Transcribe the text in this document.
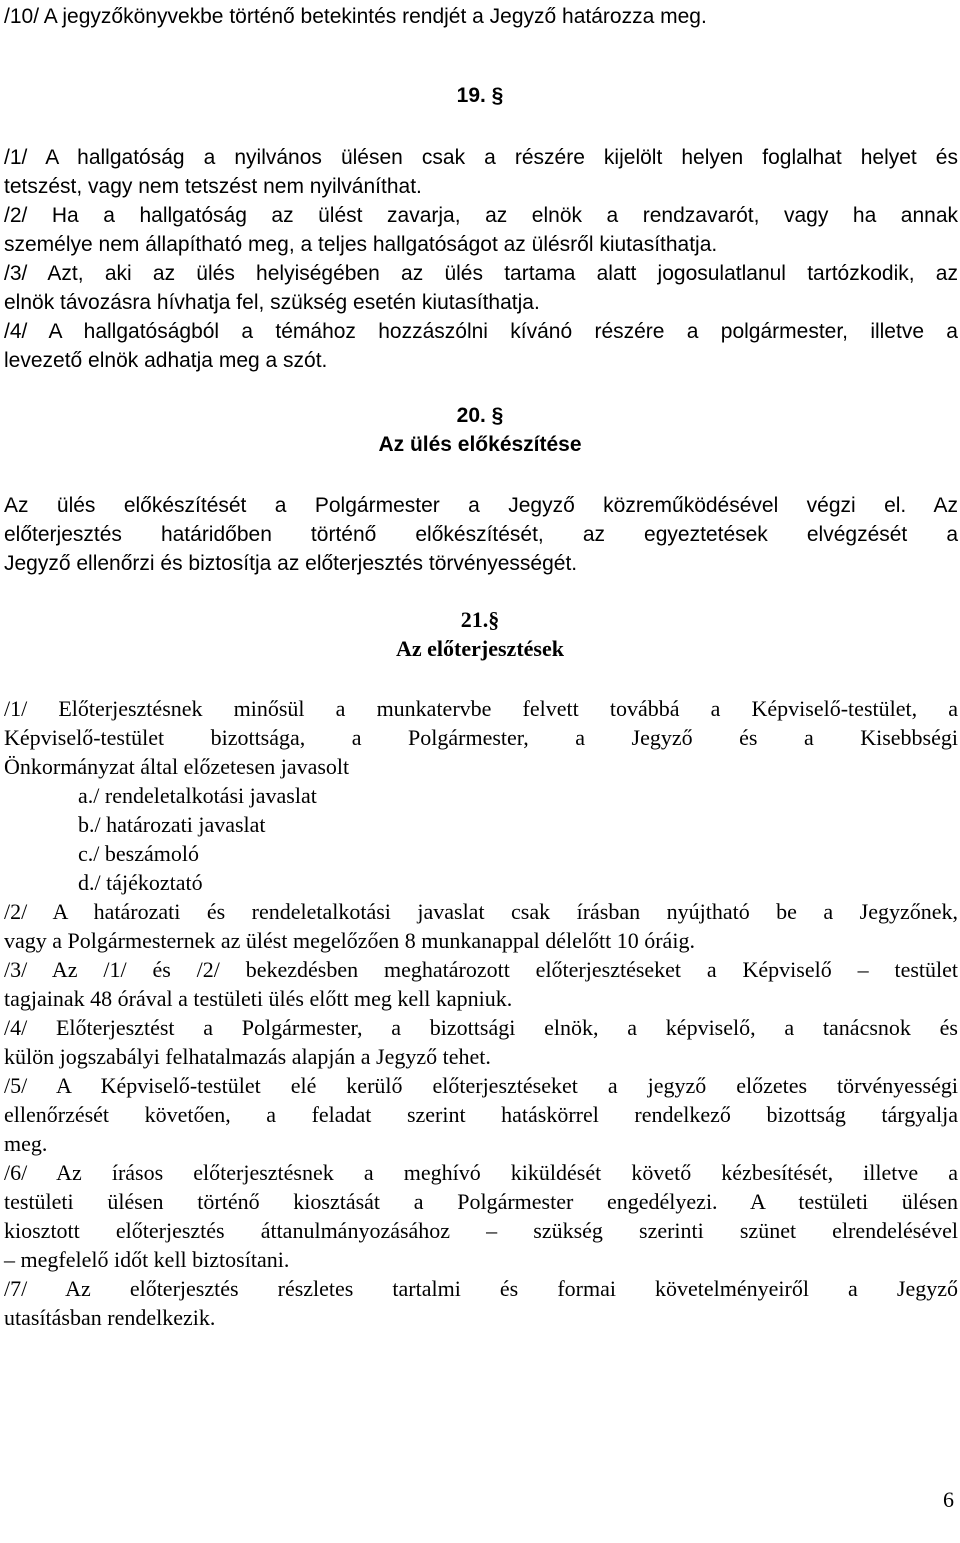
/10/ A jegyzőkönyvekbe történő betekintés rendjét a Jegyző határozza meg.

19. §

/1/ A hallgatóság a nyilvános ülésen csak a részére kijelölt helyen foglalhat helyet és

tetszést, vagy nem tetszést nem nyilváníthat.

/2/ Ha a hallgatóság az ülést zavarja, az elnök a rendzavarót, vagy ha annak

személye nem állapítható meg, a teljes hallgatóságot az ülésről kiutasíthatja.

/3/ Azt, aki az ülés helyiségében az ülés tartama alatt jogosulatlanul tartózkodik, az

elnök távozásra hívhatja fel, szükség esetén kiutasíthatja.

/4/ A hallgatóságból a témához hozzászólni kívánó részére a polgármester, illetve a

levezető elnök adhatja meg a szót.

20. §

Az ülés előkészítése

Az ülés előkészítését a Polgármester a Jegyző közreműködésével végzi el. Az

előterjesztés határidőben történő előkészítését, az egyeztetések elvégzését a

Jegyző ellenőrzi és biztosítja az előterjesztés törvényességét.

21.§

Az előterjesztések

/1/ Előterjesztésnek minősül a munkatervbe felvett továbbá a Képviselő-testület, a

Képviselő-testület bizottsága, a Polgármester, a Jegyző és a Kisebbségi

Önkormányzat által előzetesen javasolt

a./ rendeletalkotási javaslat

b./ határozati javaslat

c./ beszámoló

d./ tájékoztató

/2/ A határozati és rendeletalkotási javaslat csak írásban nyújtható be a Jegyzőnek,

vagy a Polgármesternek az ülést megelőzően 8 munkanappal délelőtt 10 óráig.

/3/ Az /1/ és /2/ bekezdésben meghatározott előterjesztéseket a Képviselő – testület

tagjainak 48 órával a testületi ülés előtt meg kell kapniuk.

/4/ Előterjesztést a Polgármester, a bizottsági elnök, a képviselő, a tanácsnok és

külön jogszabályi felhatalmazás alapján a Jegyző tehet.

/5/ A Képviselő-testület elé kerülő előterjesztéseket a jegyző előzetes törvényességi

ellenőrzését követően, a feladat szerint hatáskörrel rendelkező bizottság tárgyalja

meg.

/6/ Az írásos előterjesztésnek a meghívó kiküldését követő kézbesítését, illetve a

testületi ülésen történő kiosztását a Polgármester engedélyezi. A testületi ülésen

kiosztott előterjesztés áttanulmányozásához – szükség szerinti szünet elrendelésével

– megfelelő időt kell biztosítani.

/7/ Az előterjesztés részletes tartalmi és formai követelményeiről a Jegyző

utasításban rendelkezik.

6
